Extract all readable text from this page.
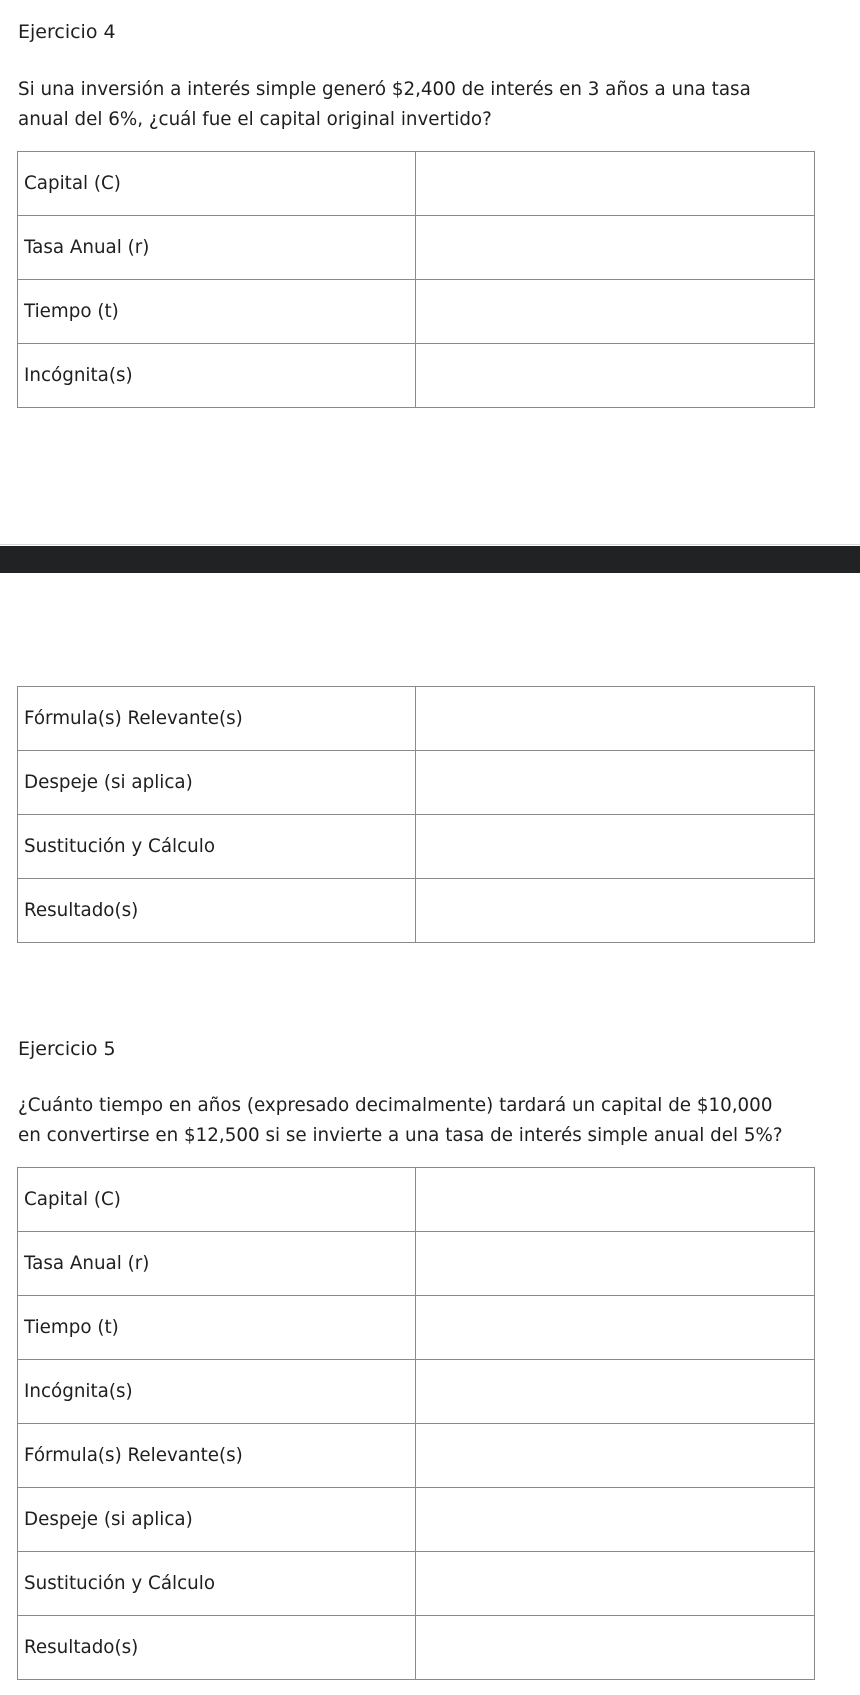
Ejercicio 4
Si una inversión a interés simple generó $2,400 de interés en 3 años a una tasa
anual del 6%, ¿cuál fue el capital original invertido?
Capital (C)	
Tasa Anual (r)	
Tiempo (t)	
Incógnita(s)	
Fórmula(s) Relevante(s)	
Despeje (si aplica)	
Sustitución y Cálculo	
Resultado(s)	
Ejercicio 5
¿Cuánto tiempo en años (expresado decimalmente) tardará un capital de $10,000
en convertirse en $12,500 si se invierte a una tasa de interés simple anual del 5%?
Capital (C)	
Tasa Anual (r)	
Tiempo (t)	
Incógnita(s)	
Fórmula(s) Relevante(s)	
Despeje (si aplica)	
Sustitución y Cálculo	
Resultado(s)	
